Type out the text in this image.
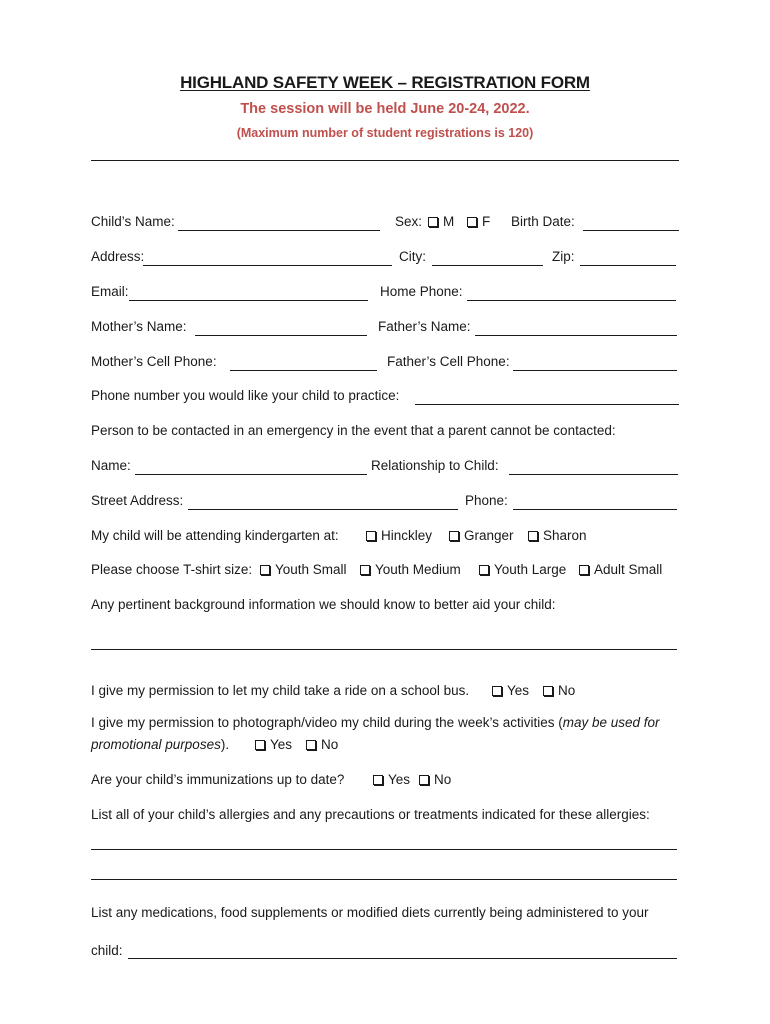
HIGHLAND SAFETY WEEK – REGISTRATION FORM
The session will be held June 20-24, 2022.
(Maximum number of student registrations is 120)
Child’s Name:	Sex: M F Birth Date:
Address:	City:	Zip:
Email:	Home Phone:
Mother’s Name:	Father’s Name:
Mother’s Cell Phone:	Father’s Cell Phone:
Phone number you would like your child to practice:
Person to be contacted in an emergency in the event that a parent cannot be contacted:
Name:	Relationship to Child:
Street Address:	Phone:
My child will be attending kindergarten at:	Hinckley Granger Sharon
Please choose T-shirt size: Youth Small Youth Medium Youth Large Adult Small
Any pertinent background information we should know to better aid your child:
I give my permission to let my child take a ride on a school bus.	Yes No
I give my permission to photograph/video my child during the week’s activities (may be used for
promotional purposes).	Yes No
Are your child’s immunizations up to date?	Yes No
List all of your child’s allergies and any precautions or treatments indicated for these allergies:
List any medications, food supplements or modified diets currently being administered to your
child:
